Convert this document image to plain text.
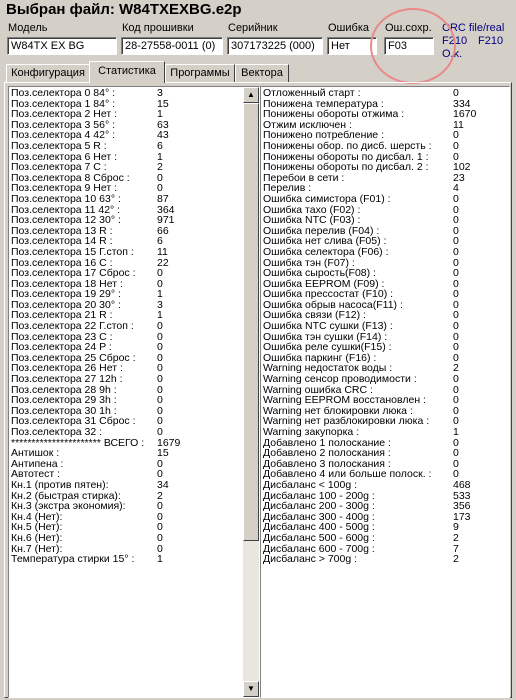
Выбран файл: W84TXEXBG.e2p
Модель	Код прошивки	Серийник	Ошибка Ош.сохр. CRC file/real
W84TX EX BG	28-27558-0011 (0)	307173225 (000)	Нет	F03	F210 F210
O.k.
Конфигурация	Статистика	Программы	Вектора
Поз.селектора 0 84° :	3
Поз.селектора 1 84° :	15
Поз.селектора 2 Нет :	1
Поз.селектора 3 56° :	63
Поз.селектора 4 42° :	43
Поз.селектора 5 R :	6
Поз.селектора 6 Нет :	1
Поз.селектора 7 C :	2
Поз.селектора 8 Сброс :	0
Поз.селектора 9 Нет :	0
Поз.селектора 10 63° :	87
Поз.селектора 11 42° :	364
Поз.селектора 12 30° :	971
Поз.селектора 13 R :	66
Поз.селектора 14 R :	6
Поз.селектора 15 Г.стоп : 11
Поз.селектора 16 C :	22
Поз.селектора 17 Сброс : 0
Поз.селектора 18 Нет :	0
Поз.селектора 19 29° :	1
Поз.селектора 20 30° :	3
Поз.селектора 21 R :	1
Поз.селектора 22 Г.стоп : 0
Поз.селектора 23 C :	0
Поз.селектора 24 P :	0
Поз.селектора 25 Сброс : 0
Поз.селектора 26 Нет :	0
Поз.селектора 27 12h :	0
Поз.селектора 28 9h :	0
Поз.селектора 29 3h :	0
Поз.селектора 30 1h :	0
Поз.селектора 31 Сброс : 0
Поз.селектора 32 :	0
********************** ВСЕГО : 1679
Антишок :	15
Антипена :	0
Автотест :	0
Кн.1 (против пятен):	34
Кн.2 (быстрая стирка):	2
Кн.3 (экстра экономия):	0
Кн.4 (Нет):	0
Кн.5 (Нет):	0
Кн.6 (Нет):	0
Кн.7 (Нет):	0
Температура стирки 15° : 1
▲
▼
Отложенный старт :	0
Понижена температура :	334
Понижены обороты отжима :	1670
Отжим исключен :	11
Понижено потребление :	0
Понижены обор. по дисб. шерсть : 0
Понижены обороты по дисбал. 1 : 0
Понижены обороты по дисбал. 2 : 102
Перебои в сети :	23
Перелив :	4
Ошибка симистора (F01) :	0
Ошибка тахо (F02) :	0
Ошибка NTC (F03) :	0
Ошибка перелив (F04) :	0
Ошибка нет слива (F05) :	0
Ошибка селектора (F06) :	0
Ошибка тэн (F07) :	0
Ошибка сырость(F08) :	0
Ошибка EEPROM (F09) :	0
Ошибка прессостат (F10) :	0
Ошибка обрыв насоса(F11) :	0
Ошибка связи (F12) :	0
Ошибка NTC сушки (F13) :	0
Ошибка тэн сушки (F14) :	0
Ошибка реле сушки(F15) :	0
Ошибка паркинг (F16) :	0
Warning недостаток воды :	2
Warning сенсор проводимости :	0
Warning ошибка CRC :	0
Warning EEPROM восстановлен :	0
Warning нет блокировки люка :	0
Warning нет разблокировки люка : 0
Warning закупорка :	1
Добавлено 1 полоскание :	0
Добавлено 2 полоскания :	0
Добавлено 3 полоскания :	0
Добавлено 4 или больше полоск. : 0
Дисбаланс < 100g :	468
Дисбаланс 100 - 200g :	533
Дисбаланс 200 - 300g :	356
Дисбаланс 300 - 400g :	173
Дисбаланс 400 - 500g :	9
Дисбаланс 500 - 600g :	2
Дисбаланс 600 - 700g :	7
Дисбаланс > 700g :	2
